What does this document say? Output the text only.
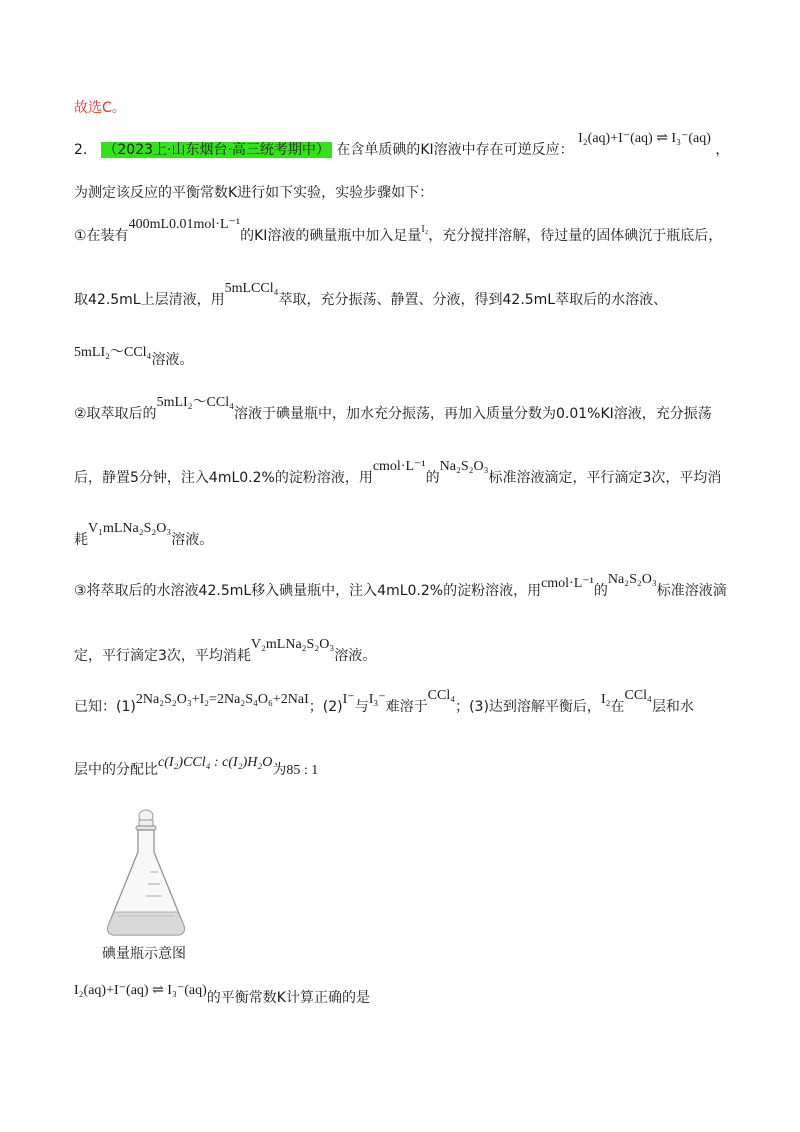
故选C。
2． （2023上·山东烟台·高三统考期中） 在含单质碘的KI溶液中存在可逆反应： I₂(aq)+I⁻(aq) ⇌ I₃⁻(aq) ，
为测定该反应的平衡常数K进行如下实验，实验步骤如下：
①在装有400mL0.01mol·L⁻¹的KI溶液的碘量瓶中加入足量$^{I_2}$，充分搅拌溶解，待过量的固体碘沉于瓶底后，
取42.5mL上层清液，用5mLCCl₄萃取，充分振荡、静置、分液，得到42.5mL萃取后的水溶液、
5mLI₂～CCl₄溶液。
②取萃取后的5mLI₂～CCl₄溶液于碘量瓶中，加水充分振荡，再加入质量分数为0.01%KI溶液，充分振荡
后，静置5分钟，注入4mL0.2%的淀粉溶液，用cmol·L⁻¹的Na₂S₂O₃标准溶液滴定，平行滴定3次，平均消
耗V₁mLNa₂S₂O₃溶液。
③将萃取后的水溶液42.5mL移入碘量瓶中，注入4mL0.2%的淀粉溶液，用cmol·L⁻¹的Na₂S₂O₃标准溶液滴
定，平行滴定3次，平均消耗V₂mLNa₂S₂O₃溶液。
已知：(1)2Na₂S₂O₃+I₂=2Na₂S₄O₆+2NaI；(2)I⁻与I₃⁻难溶于CCl₄；(3)达到溶解平衡后，I₂在CCl₄层和水
层中的分配比c(I₂)CCl₄ : c(I₂)H₂O为85 : 1
碘量瓶示意图
I₂(aq)+I⁻(aq) ⇌ I₃⁻(aq)的平衡常数K计算正确的是
